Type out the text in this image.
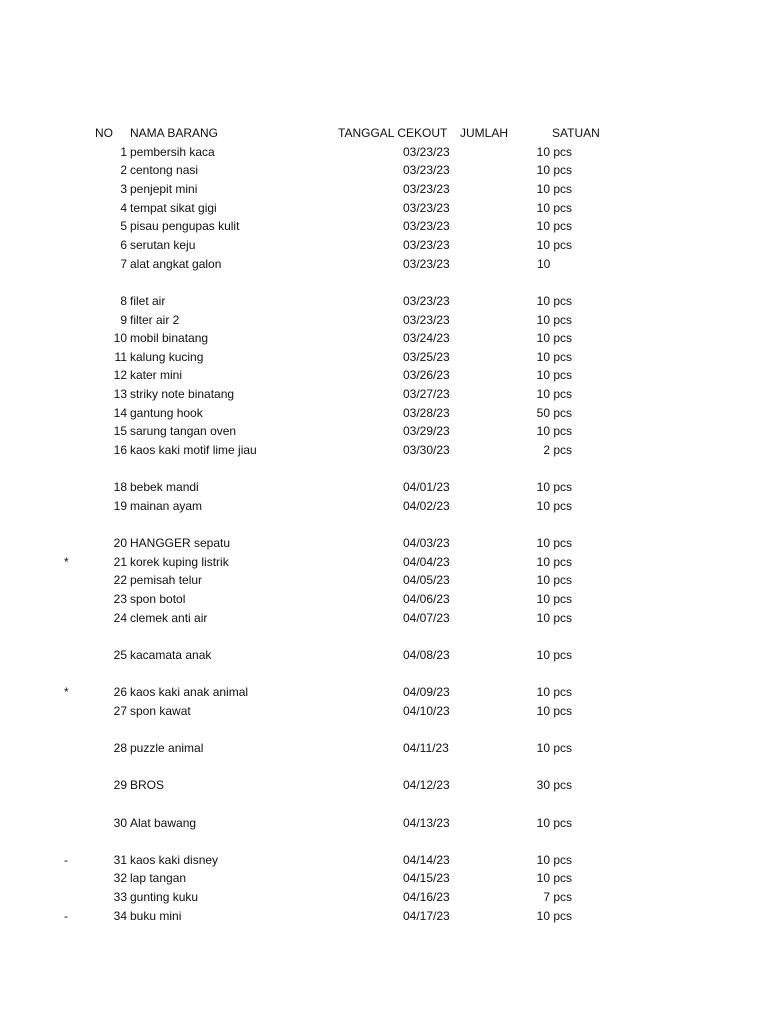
NO NAMA BARANG	TANGGAL CEKOUT JUMLAH	SATUAN
1 pembersih kaca	03/23/23	10 pcs
2 centong nasi	03/23/23	10 pcs
3 penjepit mini	03/23/23	10 pcs
4 tempat sikat gigi	03/23/23	10 pcs
5 pisau pengupas kulit	03/23/23	10 pcs
6 serutan keju	03/23/23	10 pcs
7 alat angkat galon	03/23/23	10
8 filet air	03/23/23	10 pcs
9 filter air 2	03/23/23	10 pcs
10 mobil binatang	03/24/23	10 pcs
11 kalung kucing	03/25/23	10 pcs
12 kater mini	03/26/23	10 pcs
13 striky note binatang	03/27/23	10 pcs
14 gantung hook	03/28/23	50 pcs
15 sarung tangan oven	03/29/23	10 pcs
16 kaos kaki motif lime jiau	03/30/23	2 pcs
18 bebek mandi	04/01/23	10 pcs
19 mainan ayam	04/02/23	10 pcs
20 HANGGER sepatu	04/03/23	10 pcs
*	21 korek kuping listrik	04/04/23	10 pcs
22 pemisah telur	04/05/23	10 pcs
23 spon botol	04/06/23	10 pcs
24 clemek anti air	04/07/23	10 pcs
25 kacamata anak	04/08/23	10 pcs
*	26 kaos kaki anak animal	04/09/23	10 pcs
27 spon kawat	04/10/23	10 pcs
28 puzzle animal	04/11/23	10 pcs
29 BROS	04/12/23	30 pcs
30 Alat bawang	04/13/23	10 pcs
-	31 kaos kaki disney	04/14/23	10 pcs
32 lap tangan	04/15/23	10 pcs
33 gunting kuku	04/16/23	7 pcs
-	34 buku mini	04/17/23	10 pcs
